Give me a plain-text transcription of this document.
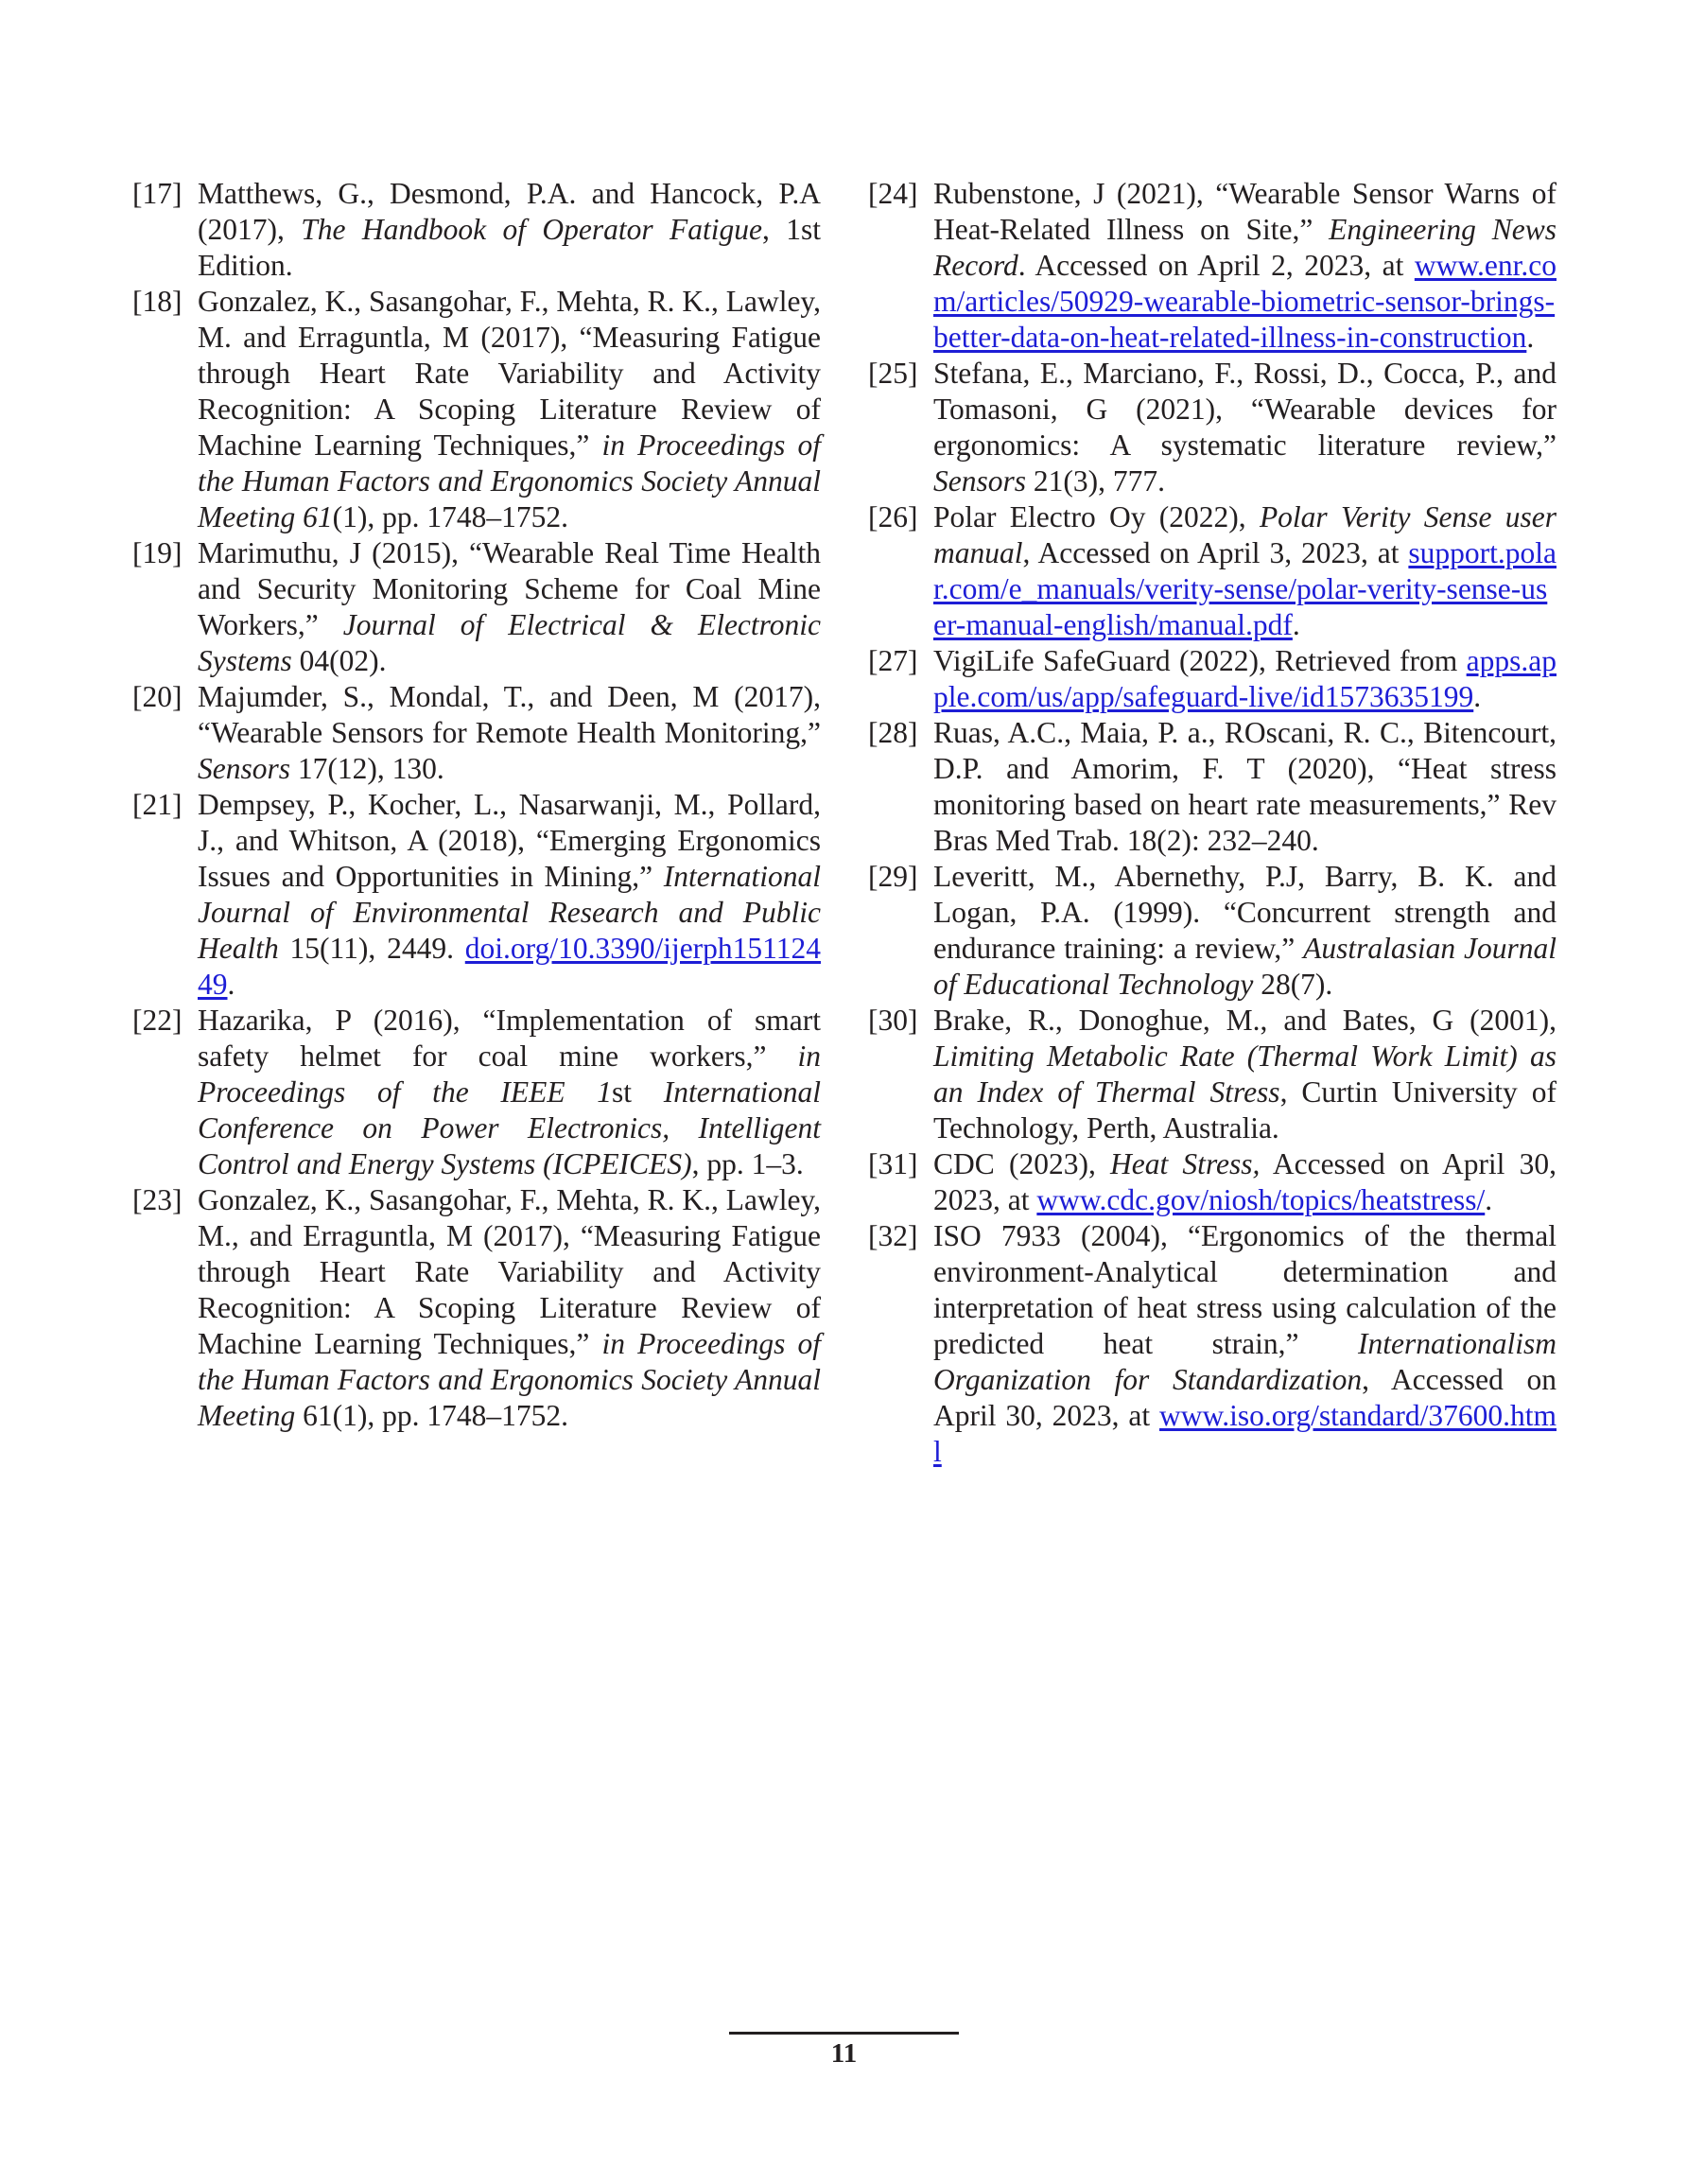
[17] Matthews, G., Desmond, P.A. and Hancock, P.A (2017), The Handbook of Operator Fatigue, 1st Edition.
[18] Gonzalez, K., Sasangohar, F., Mehta, R. K., Lawley, M. and Erraguntla, M (2017), “Measuring Fatigue through Heart Rate Variability and Activity Recognition: A Scoping Literature Review of Machine Learning Techniques,” in Proceedings of the Human Factors and Ergonomics Society Annual Meeting 61(1), pp. 1748–1752.
[19] Marimuthu, J (2015), “Wearable Real Time Health and Security Monitoring Scheme for Coal Mine Workers,” Journal of Electrical & Electronic Systems 04(02).
[20] Majumder, S., Mondal, T., and Deen, M (2017), “Wearable Sensors for Remote Health Monitoring,” Sensors 17(12), 130.
[21] Dempsey, P., Kocher, L., Nasarwanji, M., Pollard, J., and Whitson, A (2018), “Emerging Ergonomics Issues and Opportunities in Mining,” International Journal of Environmental Research and Public Health 15(11), 2449. doi.org/10.3390/ijerph15112449.
[22] Hazarika, P (2016), “Implementation of smart safety helmet for coal mine workers,” in Proceedings of the IEEE 1st International Conference on Power Electronics, Intelligent Control and Energy Systems (ICPEICES), pp. 1–3.
[23] Gonzalez, K., Sasangohar, F., Mehta, R. K., Lawley, M., and Erraguntla, M (2017), “Measuring Fatigue through Heart Rate Variability and Activity Recognition: A Scoping Literature Review of Machine Learning Techniques,” in Proceedings of the Human Factors and Ergonomics Society Annual Meeting 61(1), pp. 1748–1752.
[24] Rubenstone, J (2021), “Wearable Sensor Warns of Heat-Related Illness on Site,” Engineering News Record. Accessed on April 2, 2023, at www.enr.com/articles/50929-wearable-biometric-sensor-brings-better-data-on-heat-related-illness-in-construction.
[25] Stefana, E., Marciano, F., Rossi, D., Cocca, P., and Tomasoni, G (2021), “Wearable devices for ergonomics: A systematic literature review,” Sensors 21(3), 777.
[26] Polar Electro Oy (2022), Polar Verity Sense user manual, Accessed on April 3, 2023, at support.polar.com/e_manuals/verity-sense/polar-verity-sense-user-manual-english/manual.pdf.
[27] VigiLife SafeGuard (2022), Retrieved from apps.apple.com/us/app/safeguard-live/id1573635199.
[28] Ruas, A.C., Maia, P. a., ROscani, R. C., Bitencourt, D.P. and Amorim, F. T (2020), “Heat stress monitoring based on heart rate measurements,” Rev Bras Med Trab. 18(2): 232–240.
[29] Leveritt, M., Abernethy, P.J, Barry, B. K. and Logan, P.A. (1999). “Concurrent strength and endurance training: a review,” Australasian Journal of Educational Technology 28(7).
[30] Brake, R., Donoghue, M., and Bates, G (2001), Limiting Metabolic Rate (Thermal Work Limit) as an Index of Thermal Stress, Curtin University of Technology, Perth, Australia.
[31] CDC (2023), Heat Stress, Accessed on April 30, 2023, at www.cdc.gov/niosh/topics/heatstress/.
[32] ISO 7933 (2004), “Ergonomics of the thermal environment-Analytical determination and interpretation of heat stress using calculation of the predicted heat strain,” Internationalism Organization for Standardization, Accessed on April 30, 2023, at www.iso.org/standard/37600.html
11
